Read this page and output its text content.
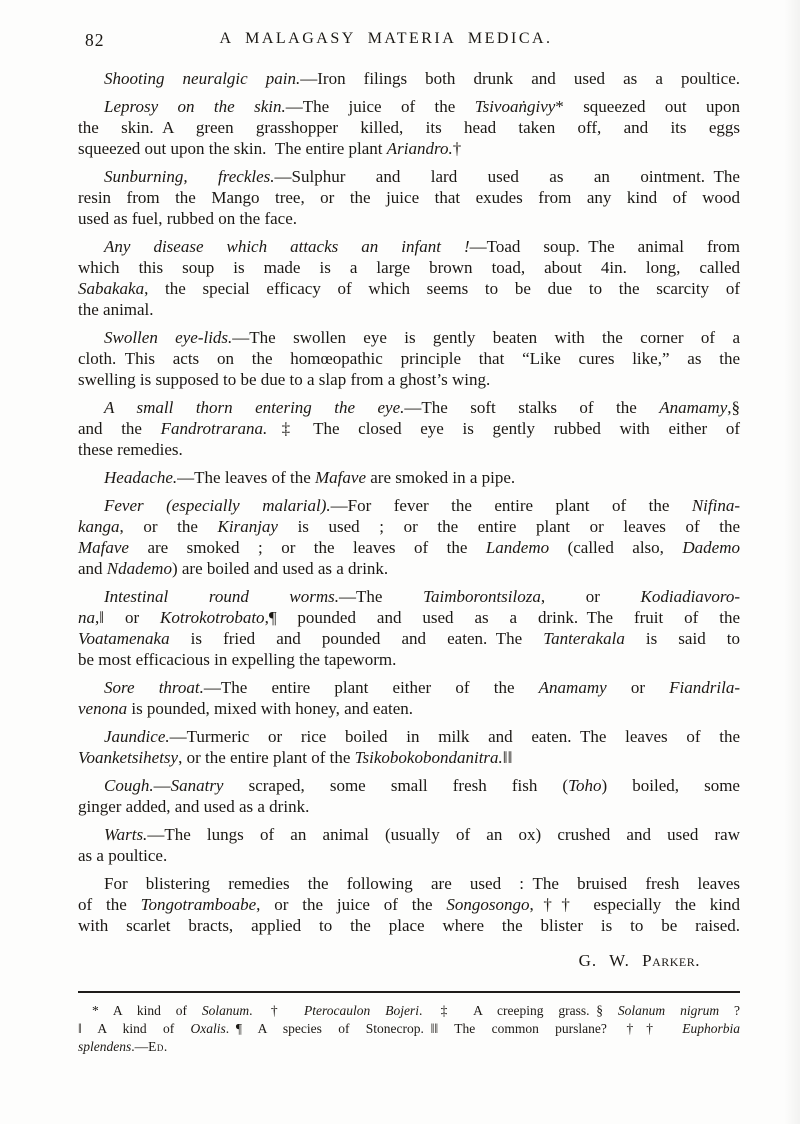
82	A MALAGASY MATERIA MEDICA.
Shooting neuralgic pain.—Iron filings both drunk and used as a poultice.
Leprosy on the skin.—The juice of the Tsivoaṅgivy* squeezed out upon
the skin. A green grasshopper killed, its head taken off, and its eggs
squeezed out upon the skin. The entire plant Ariandro.†
Sunburning, freckles.—Sulphur and lard used as an ointment. The
resin from the Mango tree, or the juice that exudes from any kind of wood
used as fuel, rubbed on the face.
Any disease which attacks an infant !—Toad soup. The animal from
which this soup is made is a large brown toad, about 4in. long, called
Sabakaka, the special efficacy of which seems to be due to the scarcity of
the animal.
Swollen eye-lids.—The swollen eye is gently beaten with the corner of a
cloth. This acts on the homœopathic principle that “Like cures like,” as the
swelling is supposed to be due to a slap from a ghost’s wing.
A small thorn entering the eye.—The soft stalks of the Anamamy,§
and the Fandrotrarana.‡ The closed eye is gently rubbed with either of
these remedies.
Headache.—The leaves of the Mafave are smoked in a pipe.
Fever (especially malarial).—For fever the entire plant of the Nifina-
kanga, or the Kiranjay is used ; or the entire plant or leaves of the
Mafave are smoked ; or the leaves of the Landemo (called also, Dademo
and Ndademo) are boiled and used as a drink.
Intestinal round worms.—The Taimborontsiloza, or Kodiadiavoro-
na,‖ or Kotrokotrobato,¶ pounded and used as a drink. The fruit of the
Voatamenaka is fried and pounded and eaten. The Tanterakala is said to
be most efficacious in expelling the tapeworm.
Sore throat.—The entire plant either of the Anamamy or Fiandrila-
venona is pounded, mixed with honey, and eaten.
Jaundice.—Turmeric or rice boiled in milk and eaten. The leaves of the
Voanketsihetsy, or the entire plant of the Tsikobokobondanitra.‖‖
Cough.—Sanatry scraped, some small fresh fish (Toho) boiled, some
ginger added, and used as a drink.
Warts.—The lungs of an animal (usually of an ox) crushed and used raw
as a poultice.
For blistering remedies the following are used : The bruised fresh leaves
of the Tongotramboabe, or the juice of the Songosongo,†† especially the kind
with scarlet bracts, applied to the place where the blister is to be raised.
G. W. Parker.
* A kind of Solanum. † Pterocaulon Bojeri. ‡ A creeping grass. § Solanum nigrum ?
‖ A kind of Oxalis. ¶ A species of Stonecrop. ‖‖ The common purslane? †† Euphorbia
splendens.—Ed.
